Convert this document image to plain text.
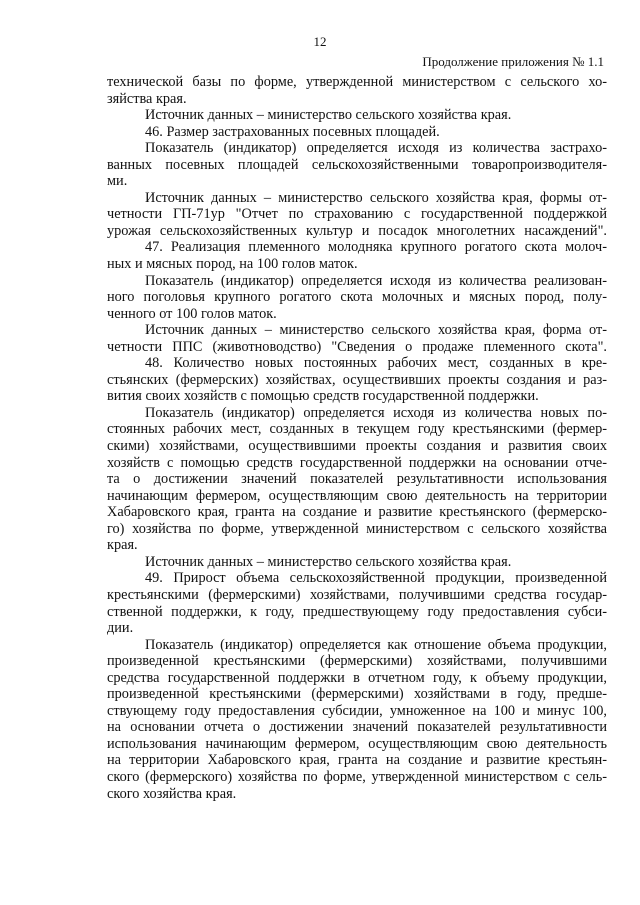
12
Продолжение приложения № 1.1
технической базы по форме, утвержденной министерством с сельского хо-
зяйства края.
Источник данных – министерство сельского хозяйства края.
46. Размер застрахованных посевных площадей.
Показатель (индикатор) определяется исходя из количества застрахо-
ванных посевных площадей сельскохозяйственными товаропроизводителя-
ми.
Источник данных – министерство сельского хозяйства края, формы от-
четности ГП-71ур "Отчет по страхованию с государственной поддержкой
урожая сельскохозяйственных культур и посадок многолетних насаждений".
47. Реализация племенного молодняка крупного рогатого скота молоч-
ных и мясных пород, на 100 голов маток.
Показатель (индикатор) определяется исходя из количества реализован-
ного поголовья крупного рогатого скота молочных и мясных пород, полу-
ченного от 100 голов маток.
Источник данных – министерство сельского хозяйства края, форма от-
четности ППС (животноводство) "Сведения о продаже племенного скота".
48. Количество новых постоянных рабочих мест, созданных в кре-
стьянских (фермерских) хозяйствах, осуществивших проекты создания и раз-
вития своих хозяйств с помощью средств государственной поддержки.
Показатель (индикатор) определяется исходя из количества новых по-
стоянных рабочих мест, созданных в текущем году крестьянскими (фермер-
скими) хозяйствами, осуществившими проекты создания и развития своих
хозяйств с помощью средств государственной поддержки на основании отче-
та о достижении значений показателей результативности использования
начинающим фермером, осуществляющим свою деятельность на территории
Хабаровского края, гранта на создание и развитие крестьянского (фермерско-
го) хозяйства по форме, утвержденной министерством с сельского хозяйства
края.
Источник данных – министерство сельского хозяйства края.
49. Прирост объема сельскохозяйственной продукции, произведенной
крестьянскими (фермерскими) хозяйствами, получившими средства государ-
ственной поддержки, к году, предшествующему году предоставления субси-
дии.
Показатель (индикатор) определяется как отношение объема продукции,
произведенной крестьянскими (фермерскими) хозяйствами, получившими
средства государственной поддержки в отчетном году, к объему продукции,
произведенной крестьянскими (фермерскими) хозяйствами в году, предше-
ствующему году предоставления субсидии, умноженное на 100 и минус 100,
на основании отчета о достижении значений показателей результативности
использования начинающим фермером, осуществляющим свою деятельность
на территории Хабаровского края, гранта на создание и развитие крестьян-
ского (фермерского) хозяйства по форме, утвержденной министерством с сель-
ского хозяйства края.
